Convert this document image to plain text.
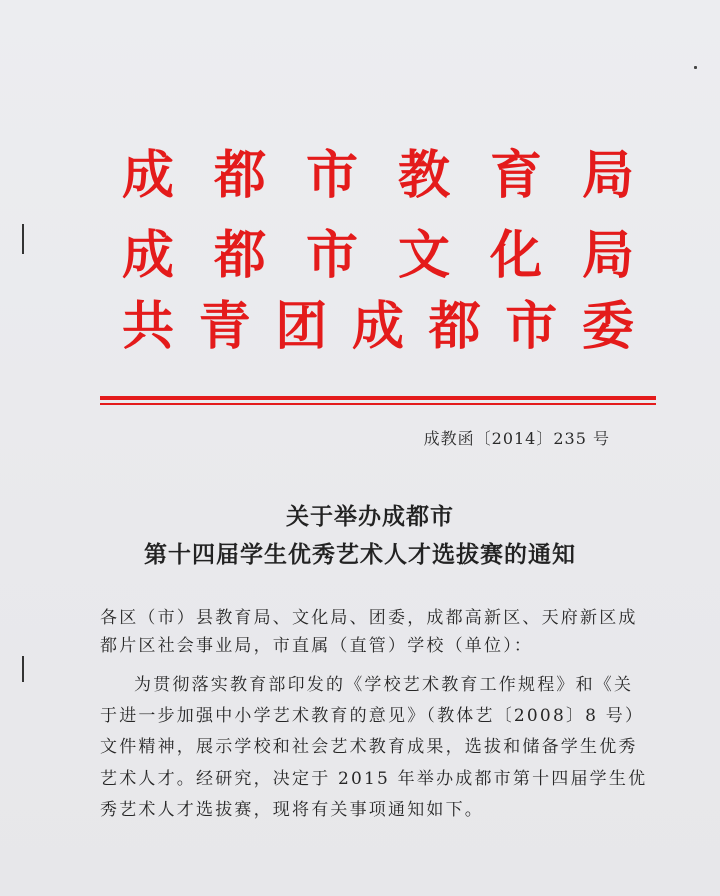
成 都 市 教 育 局
成 都 市 文 化 局
共 青 团 成 都 市 委
成教函〔2014〕235 号
关于举办成都市
第十四届学生优秀艺术人才选拔赛的通知
各区（市）县教育局、文化局、团委，成都高新区、天府新区成
都片区社会事业局，市直属（直管）学校（单位）：
为贯彻落实教育部印发的《学校艺术教育工作规程》和《关
于进一步加强中小学艺术教育的意见》（教体艺〔2008〕8 号）
文件精神，展示学校和社会艺术教育成果，选拔和储备学生优秀
艺术人才。经研究，决定于 2015 年举办成都市第十四届学生优
秀艺术人才选拔赛，现将有关事项通知如下。
